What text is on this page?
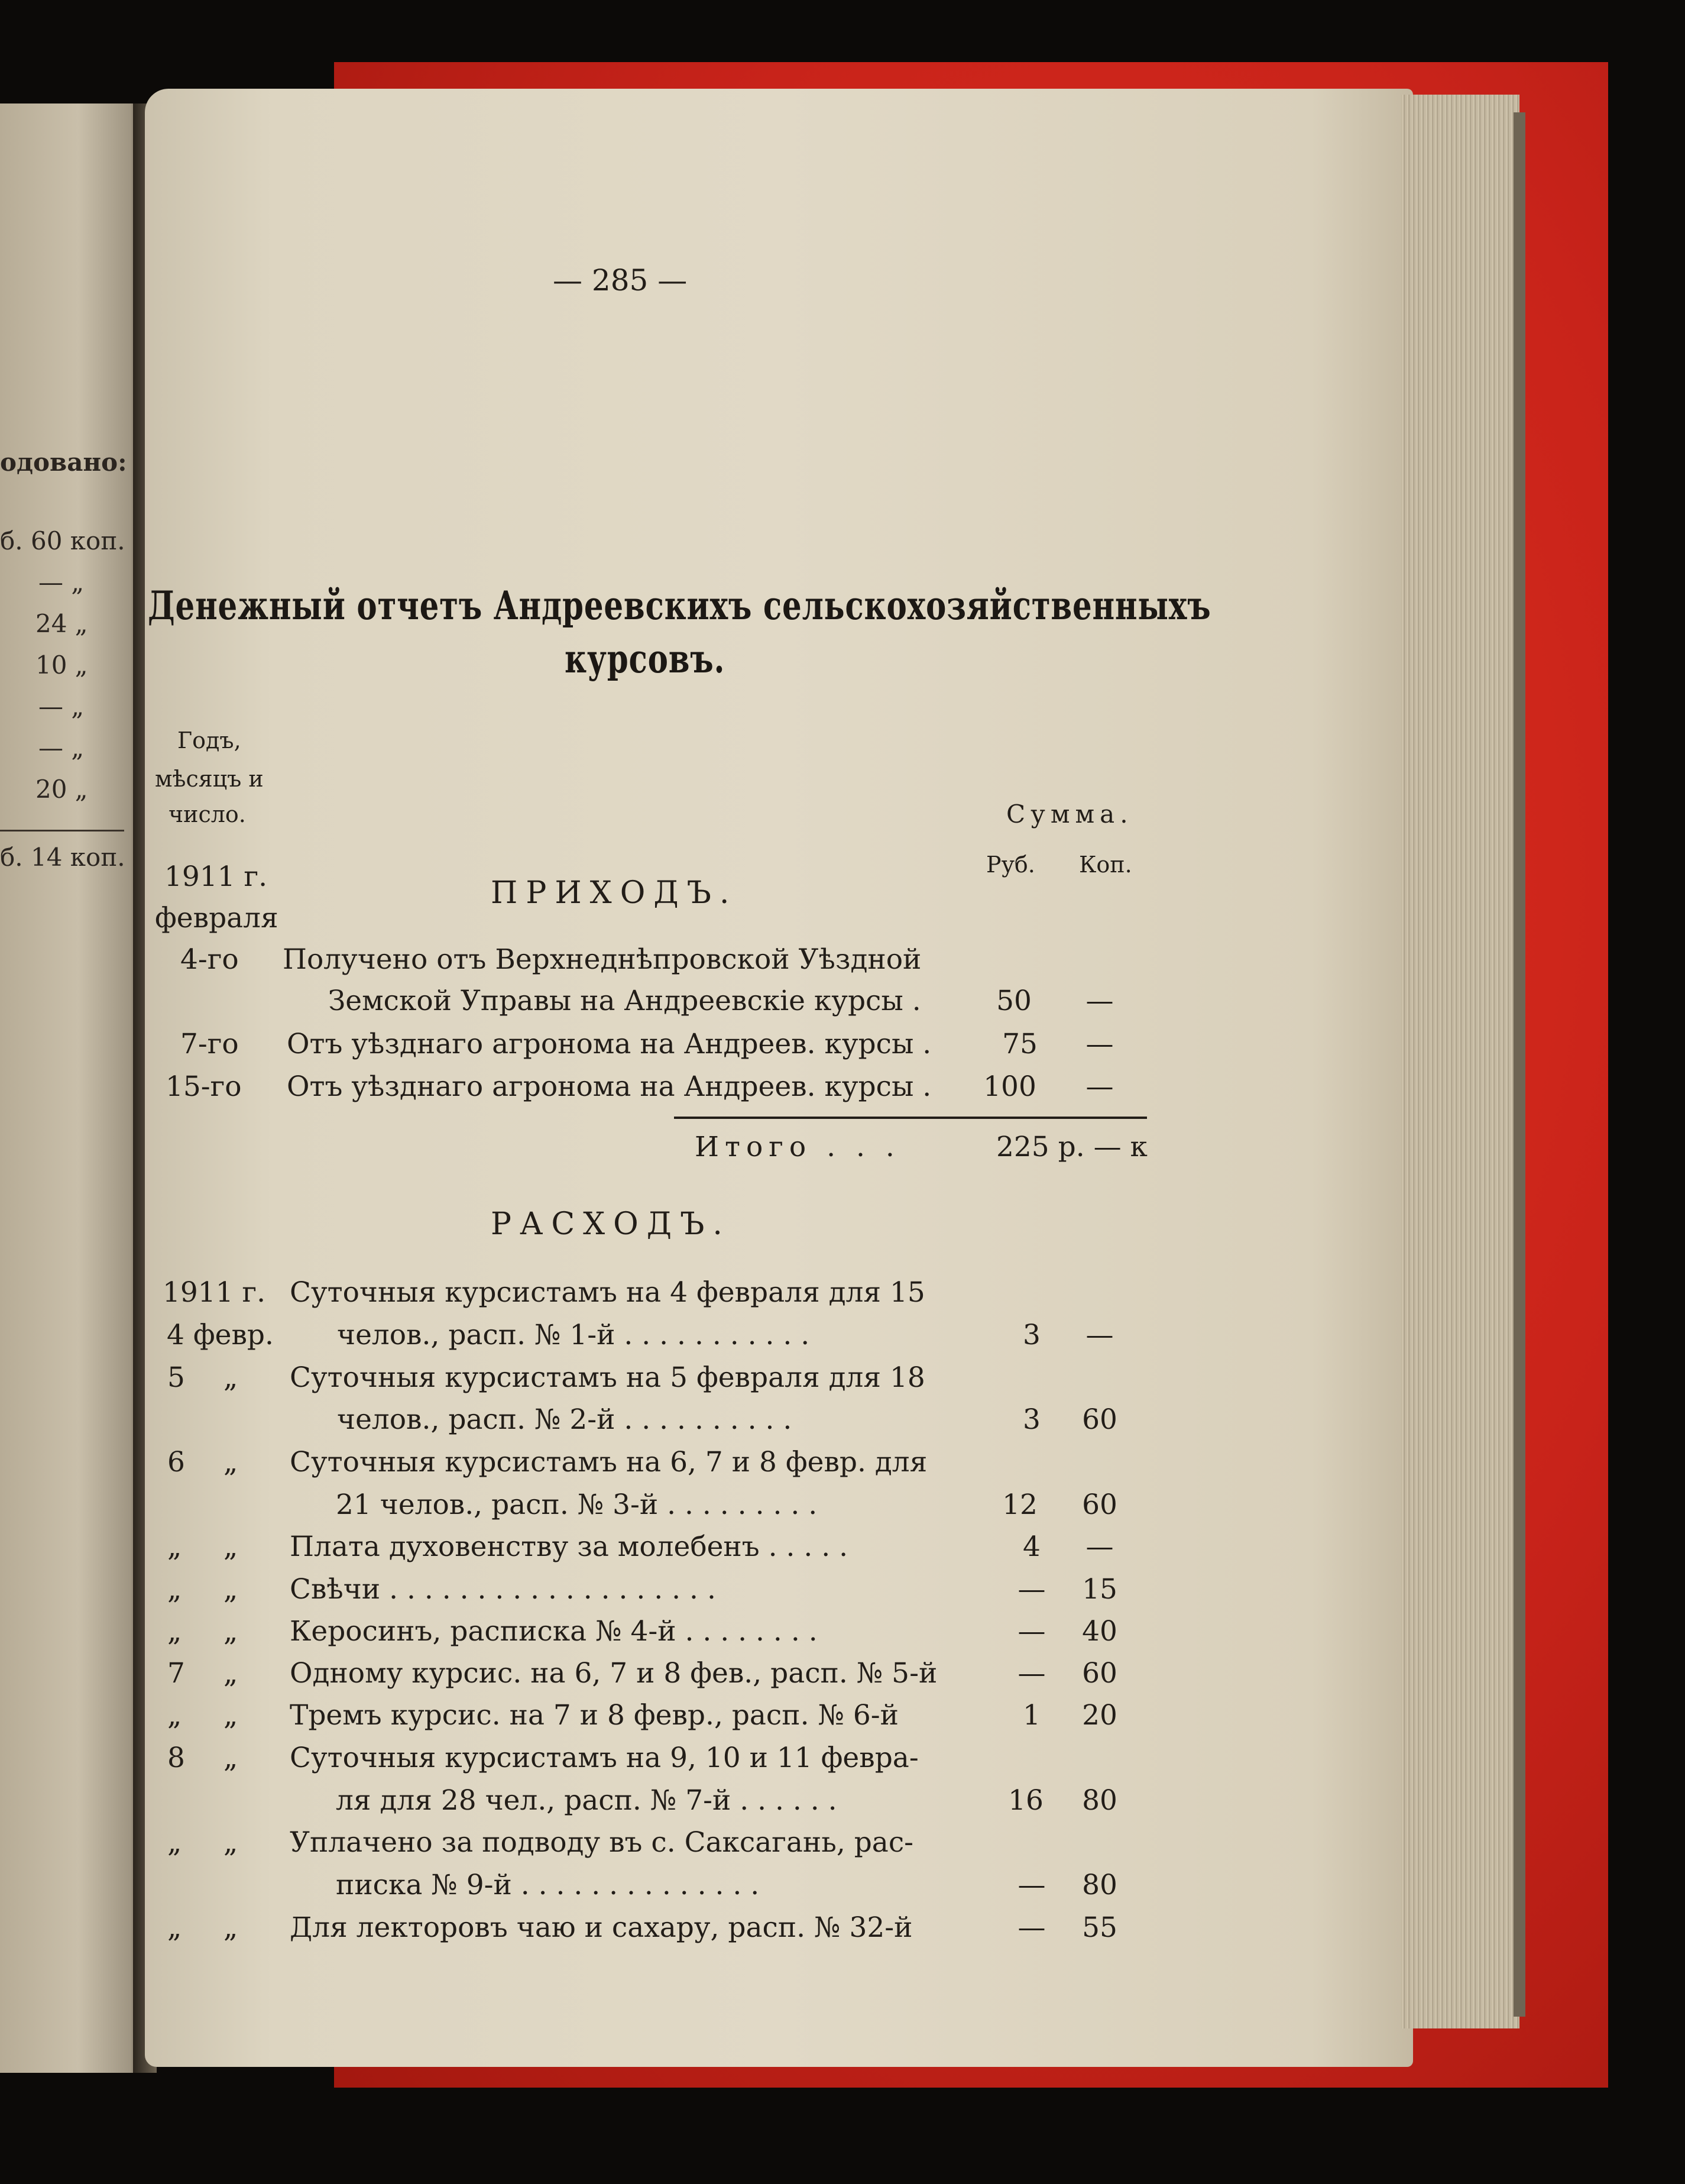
одовано:
б. 60 коп.
— „
24 „
10 „
— „
— „
20 „
б. 14 коп.
— 285 —
Денежный отчетъ Андреевскихъ сельскохозяйственныхъ
курсовъ.
Годъ,
мѣсяцъ и
число.	Сумма.
Руб. Коп.
1911 г.
февраля
ПРИХОДЪ.
4-го Получено отъ Верхнеднѣпровской Уѣздной
Земской Управы на Андреевскіе курсы .	50	—
7-го Отъ уѣзднаго агронома на Андреев. курсы .	75	—
15-го Отъ уѣзднаго агронома на Андреев. курсы .	100	—
Итого . . .	225 р. — к
РАСХОДЪ.
1911 г. Суточныя курсистамъ на 4 февраля для 15
4 февр. челов., расп. № 1-й . . . . . . . . . . .	3	—
5 „ Суточныя курсистамъ на 5 февраля для 18
челов., расп. № 2-й . . . . . . . . . .	3	60
6 „ Суточныя курсистамъ на 6, 7 и 8 февр. для
21 челов., расп. № 3-й . . . . . . . . .	12	60
„ „ Плата духовенству за молебенъ . . . . .	4	—
„ „ Свѣчи . . . . . . . . . . . . . . . . . . .	—	15
„ „ Керосинъ, расписка № 4-й . . . . . . . .	—	40
7 „ Одному курсис. на 6, 7 и 8 фев., расп. № 5-й	—	60
„ „ Тремъ курсис. на 7 и 8 февр., расп. № 6-й	1	20
8 „ Суточныя курсистамъ на 9, 10 и 11 февра-
ля для 28 чел., расп. № 7-й . . . . . .	16	80
„ „ Уплачено за подводу въ с. Саксагань, рас-
писка № 9-й . . . . . . . . . . . . . .	—	80
„ „ Для лекторовъ чаю и сахару, расп. № 32-й	—	55
